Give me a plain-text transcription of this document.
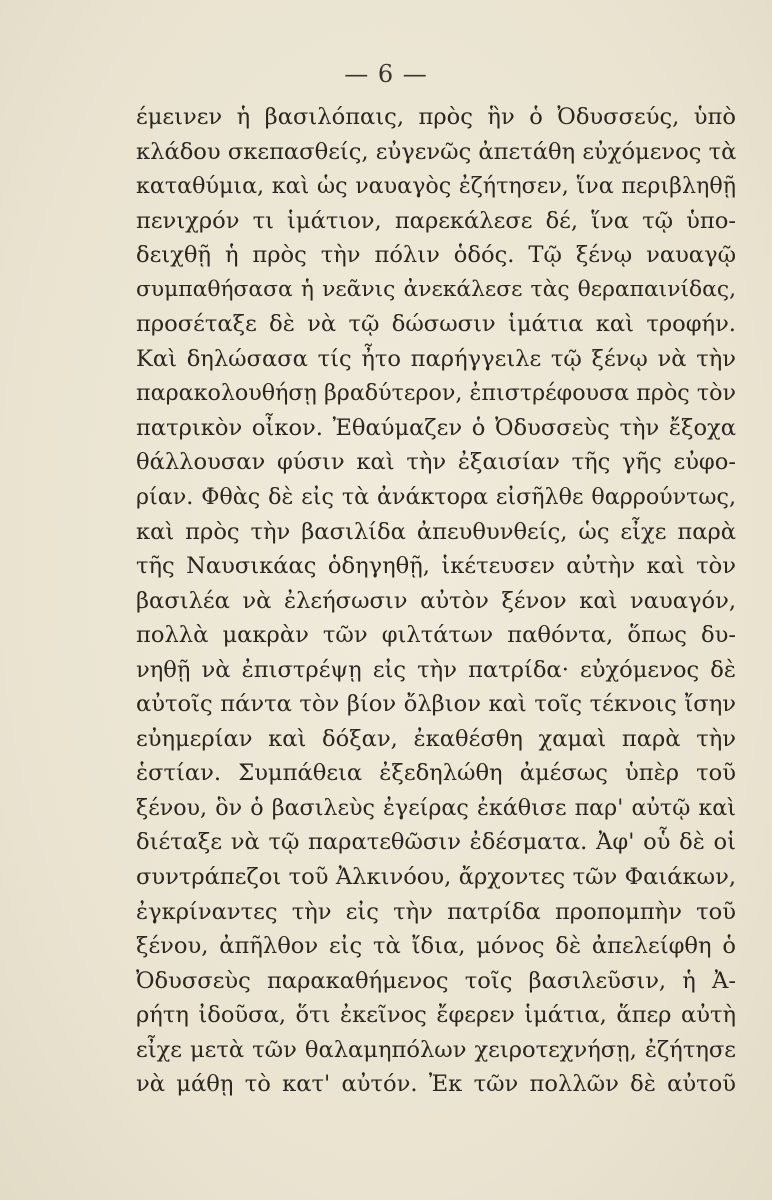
— 6 —
έμεινεν ἡ βασιλόπαις, πρὸς ἣν ὁ Ὀδυσσεύς, ὑπὸ
κλάδου σκεπασθείς, εὐγενῶς ἀπετάθη εὐχόμενος τὰ
καταθύμια, καὶ ὡς ναυαγὸς ἐζήτησεν, ἵνα περιβληθῇ
πενιχρόν τι ἱμάτιον, παρεκάλεσε δέ, ἵνα τῷ ὑπο-
δειχθῇ ἡ πρὸς τὴν πόλιν ὁδός. Τῷ ξένῳ ναυαγῷ
συμπαθήσασα ἡ νεᾶνις ἀνεκάλεσε τὰς θεραπαινίδας,
προσέταξε δὲ νὰ τῷ δώσωσιν ἱμάτια καὶ τροφήν.
Καὶ δηλώσασα τίς ἦτο παρήγγειλε τῷ ξένῳ νὰ τὴν
παρακολουθήσῃ βραδύτερον, ἐπιστρέφουσα πρὸς τὸν
πατρικὸν οἶκον. Ἐθαύμαζεν ὁ Ὀδυσσεὺς τὴν ἔξοχα
θάλλουσαν φύσιν καὶ τὴν ἐξαισίαν τῆς γῆς εὐφο-
ρίαν. Φθὰς δὲ εἰς τὰ ἀνάκτορα εἰσῆλθε θαρρούντως,
καὶ πρὸς τὴν βασιλίδα ἀπευθυνθείς, ὡς εἶχε παρὰ
τῆς Ναυσικάας ὁδηγηθῇ, ἱκέτευσεν αὐτὴν καὶ τὸν
βασιλέα νὰ ἐλεήσωσιν αὐτὸν ξένον καὶ ναυαγόν,
πολλὰ μακρὰν τῶν φιλτάτων παθόντα, ὅπως δυ-
νηθῇ νὰ ἐπιστρέψῃ εἰς τὴν πατρίδα· εὐχόμενος δὲ
αὐτοῖς πάντα τὸν βίον ὄλβιον καὶ τοῖς τέκνοις ἴσην
εὐημερίαν καὶ δόξαν, ἐκαθέσθη χαμαὶ παρὰ τὴν
ἑστίαν. Συμπάθεια ἐξεδηλώθη ἀμέσως ὑπὲρ τοῦ
ξένου, ὃν ὁ βασιλεὺς ἐγείρας ἐκάθισε παρ' αὐτῷ καὶ
διέταξε νὰ τῷ παρατεθῶσιν ἐδέσματα. Ἀφ' οὗ δὲ οἱ
συντράπεζοι τοῦ Ἀλκινόου, ἄρχοντες τῶν Φαιάκων,
ἐγκρίναντες τὴν εἰς τὴν πατρίδα προπομπὴν τοῦ
ξένου, ἀπῆλθον εἰς τὰ ἴδια, μόνος δὲ ἀπελείφθη ὁ
Ὀδυσσεὺς παρακαθήμενος τοῖς βασιλεῦσιν, ἡ Ἀ-
ρήτη ἰδοῦσα, ὅτι ἐκεῖνος ἔφερεν ἱμάτια, ἅπερ αὐτὴ
εἶχε μετὰ τῶν θαλαμηπόλων χειροτεχνήσῃ, ἐζήτησε
νὰ μάθῃ τὸ κατ' αὐτόν. Ἐκ τῶν πολλῶν δὲ αὐτοῦ
